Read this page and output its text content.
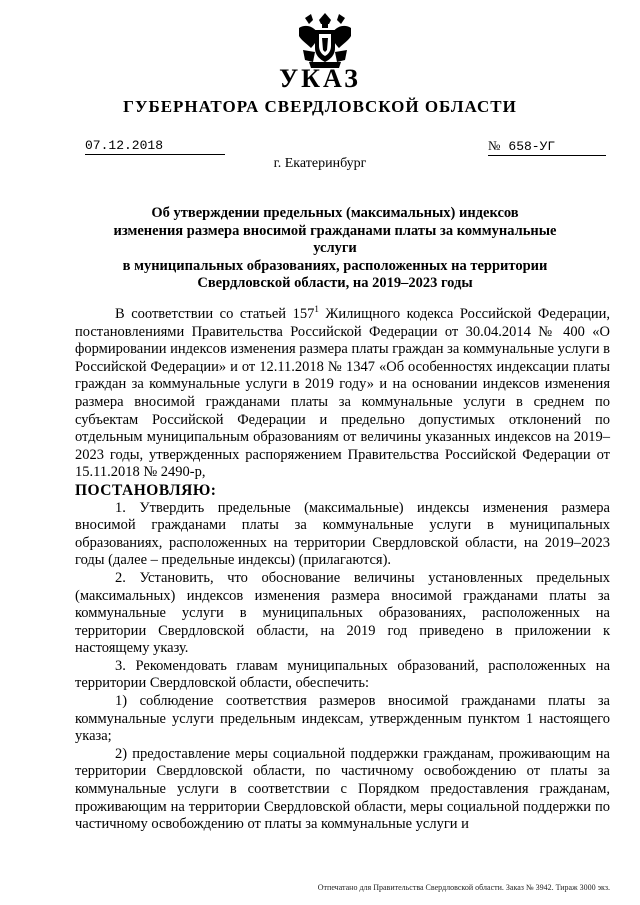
УКАЗ
ГУБЕРНАТОРА СВЕРДЛОВСКОЙ ОБЛАСТИ
07.12.2018	№ 658-УГ
г. Екатеринбург
Об утверждении предельных (максимальных) индексов
изменения размера вносимой гражданами платы за коммунальные услуги
в муниципальных образованиях, расположенных на территории
Свердловской области, на 2019–2023 годы

В соответствии со статьей $157^1$ Жилищного кодекса Российской Федерации, постановлениями Правительства Российской Федерации от 30.04.2014 № 400 «О формировании индексов изменения размера платы граждан за коммунальные услуги в Российской Федерации» и от 12.11.2018 № 1347 «Об особенностях индексации платы граждан за коммунальные услуги в 2019 году» и на основании индексов изменения размера вносимой гражданами платы за коммунальные услуги в среднем по субъектам Российской Федерации и предельно допустимых отклонений по отдельным муниципальным образованиям от величины указанных индексов на 2019–2023 годы, утвержденных распоряжением Правительства Российской Федерации от 15.11.2018 № 2490-р,

ПОСТАНОВЛЯЮ:

1. Утвердить предельные (максимальные) индексы изменения размера вносимой гражданами платы за коммунальные услуги в муниципальных образованиях, расположенных на территории Свердловской области, на 2019–2023 годы (далее – предельные индексы) (прилагаются).

2. Установить, что обоснование величины установленных предельных (максимальных) индексов изменения размера вносимой гражданами платы за коммунальные услуги в муниципальных образованиях, расположенных на территории Свердловской области, на 2019 год приведено в приложении к настоящему указу.

3. Рекомендовать главам муниципальных образований, расположенных на территории Свердловской области, обеспечить:

1) соблюдение соответствия размеров вносимой гражданами платы за коммунальные услуги предельным индексам, утвержденным пунктом 1 настоящего указа;

2) предоставление меры социальной поддержки гражданам, проживающим на территории Свердловской области, по частичному освобождению от платы за коммунальные услуги в соответствии с Порядком предоставления гражданам, проживающим на территории Свердловской области, меры социальной поддержки по частичному освобождению от платы за коммунальные услуги и

Отпечатано для Правительства Свердловской области. Заказ № 3942. Тираж 3000 экз.
